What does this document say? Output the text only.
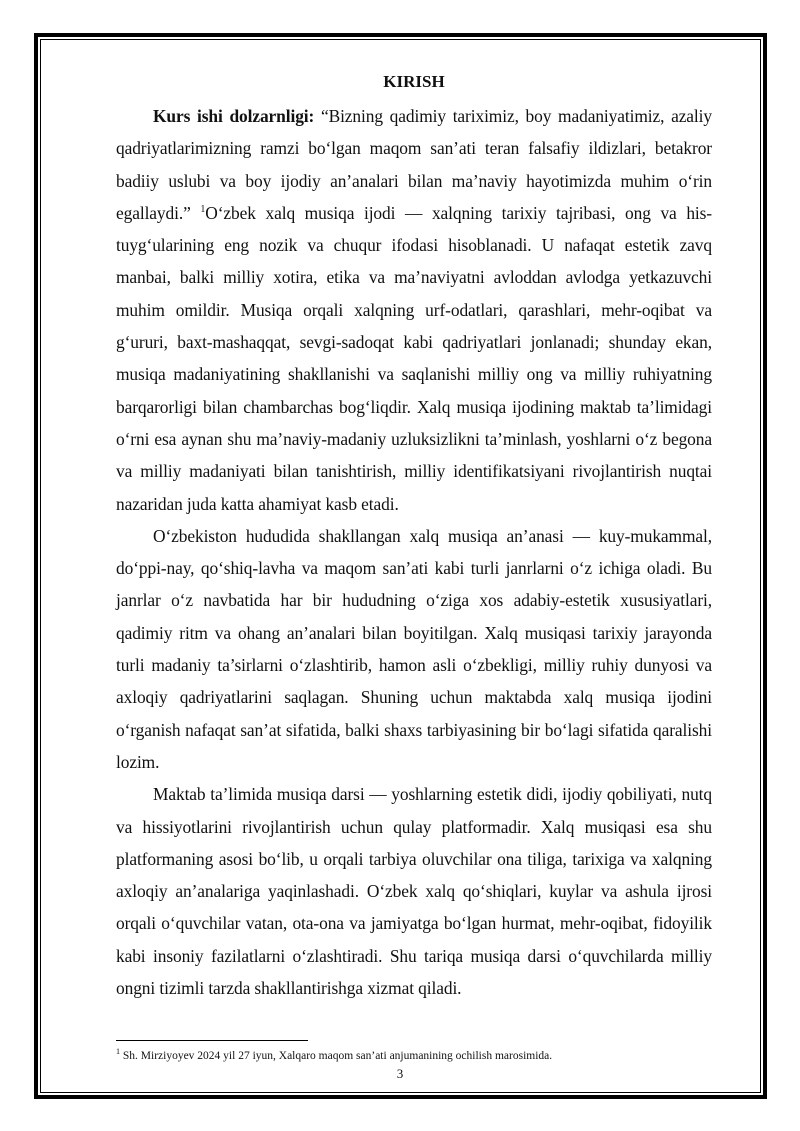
KIRISH

Kurs ishi dolzarnligi: “Bizning qadimiy tariximiz, boy madaniyatimiz, azaliy qadriyatlarimizning ramzi bo‘lgan maqom san’ati teran falsafiy ildizlari, betakror badiiy uslubi va boy ijodiy an’analari bilan ma’naviy hayotimizda muhim o‘rin egallaydi.” $^1$O‘zbek xalq musiqa ijodi — xalqning tarixiy tajribasi, ong va his-tuyg‘ularining eng nozik va chuqur ifodasi hisoblanadi. U nafaqat estetik zavq manbai, balki milliy xotira, etika va ma’naviyatni avloddan avlodga yetkazuvchi muhim omildir. Musiqa orqali xalqning urf-odatlari, qarashlari, mehr-oqibat va g‘ururi, baxt-mashaqqat, sevgi-sadoqat kabi qadriyatlari jonlanadi; shunday ekan, musiqa madaniyatining shakllanishi va saqlanishi milliy ong va milliy ruhiyatning barqarorligi bilan chambarchas bog‘liqdir. Xalq musiqa ijodining maktab ta’limidagi o‘rni esa aynan shu ma’naviy-madaniy uzluksizlikni ta’minlash, yoshlarni o‘z begona va milliy madaniyati bilan tanishtirish, milliy identifikatsiyani rivojlantirish nuqtai nazaridan juda katta ahamiyat kasb etadi.

O‘zbekiston hududida shakllangan xalq musiqa an’anasi — kuy-mukammal, do‘ppi-nay, qo‘shiq-lavha va maqom san’ati kabi turli janrlarni o‘z ichiga oladi. Bu janrlar o‘z navbatida har bir hududning o‘ziga xos adabiy-estetik xususiyatlari, qadimiy ritm va ohang an’analari bilan boyitilgan. Xalq musiqasi tarixiy jarayonda turli madaniy ta’sirlarni o‘zlashtirib, hamon asli o‘zbekligi, milliy ruhiy dunyosi va axloqiy qadriyatlarini saqlagan. Shuning uchun maktabda xalq musiqa ijodini o‘rganish nafaqat san’at sifatida, balki shaxs tarbiyasining bir bo‘lagi sifatida qaralishi lozim.

Maktab ta’limida musiqa darsi — yoshlarning estetik didi, ijodiy qobiliyati, nutq va hissiyotlarini rivojlantirish uchun qulay platformadir. Xalq musiqasi esa shu platformaning asosi bo‘lib, u orqali tarbiya oluvchilar ona tiliga, tarixiga va xalqning axloqiy an’analariga yaqinlashadi. O‘zbek xalq qo‘shiqlari, kuylar va ashula ijrosi orqali o‘quvchilar vatan, ota-ona va jamiyatga bo‘lgan hurmat, mehr-oqibat, fidoyilik kabi insoniy fazilatlarni o‘zlashtiradi. Shu tariqa musiqa darsi o‘quvchilarda milliy ongni tizimli tarzda shakllantirishga xizmat qiladi.

$^1$ Sh. Mirziyoyev 2024 yil 27 iyun, Xalqaro maqom san’ati anjumanining ochilish marosimida.
3
